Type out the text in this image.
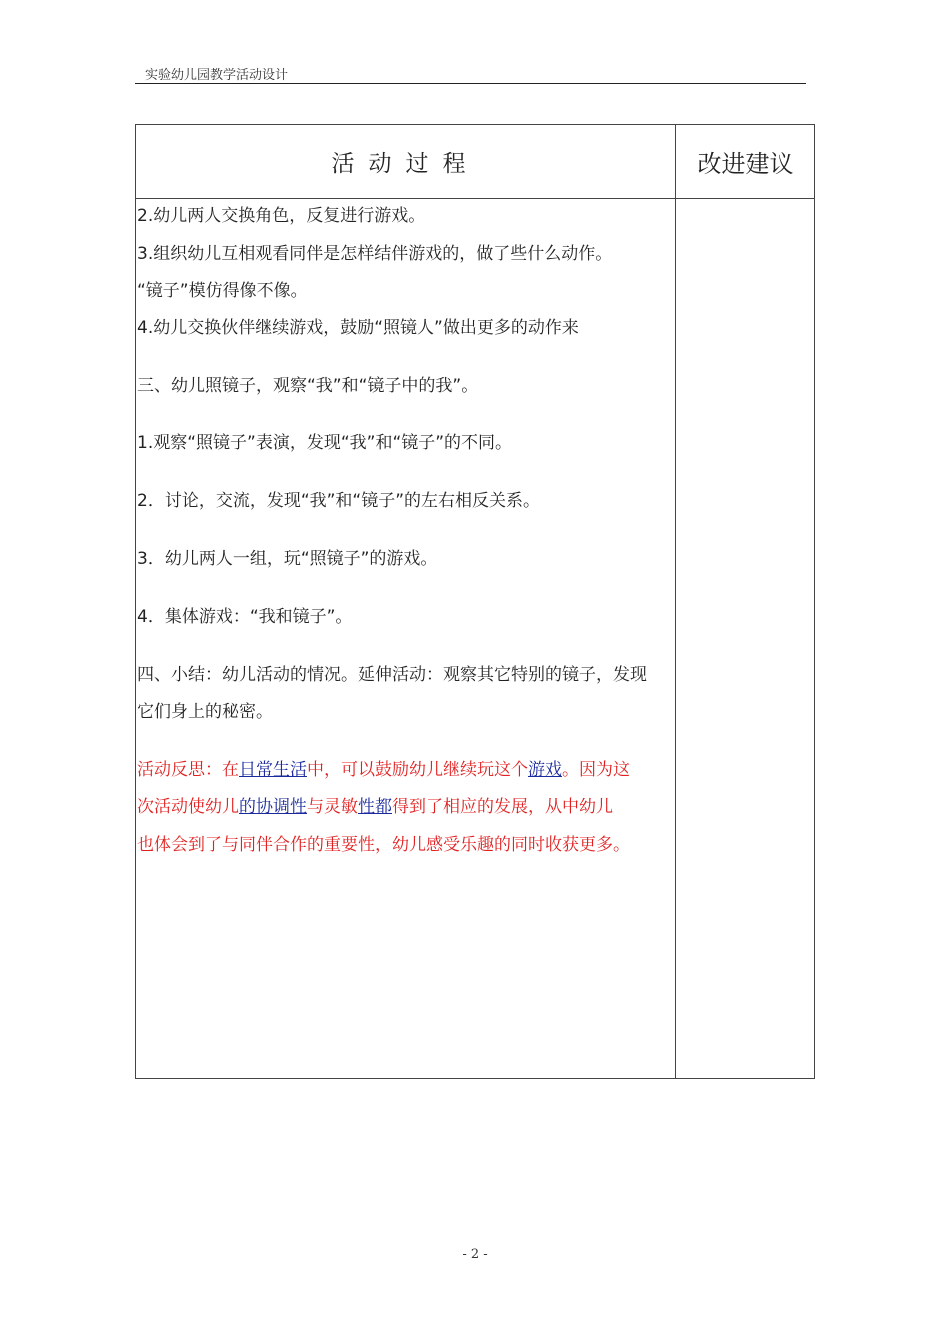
实验幼儿园教学活动设计
活动过程	改进建议
2.幼儿两人交换角色，反复进行游戏。
3.组织幼儿互相观看同伴是怎样结伴游戏的，做了些什么动作。
“镜子”模仿得像不像。
4.幼儿交换伙伴继续游戏，鼓励“照镜人”做出更多的动作来
三、幼儿照镜子，观察“我”和“镜子中的我”。
1.观察“照镜子”表演，发现“我”和“镜子”的不同。
2．讨论，交流，发现“我”和“镜子”的左右相反关系。
3．幼儿两人一组，玩“照镜子”的游戏。
4．集体游戏：“我和镜子”。
四、小结：幼儿活动的情况。延伸活动：观察其它特别的镜子，发现
它们身上的秘密。
活动反思：在日常生活中，可以鼓励幼儿继续玩这个游戏。因为这
次活动使幼儿的协调性与灵敏性都得到了相应的发展，从中幼儿
也体会到了与同伴合作的重要性，幼儿感受乐趣的同时收获更多。
- 2 -
